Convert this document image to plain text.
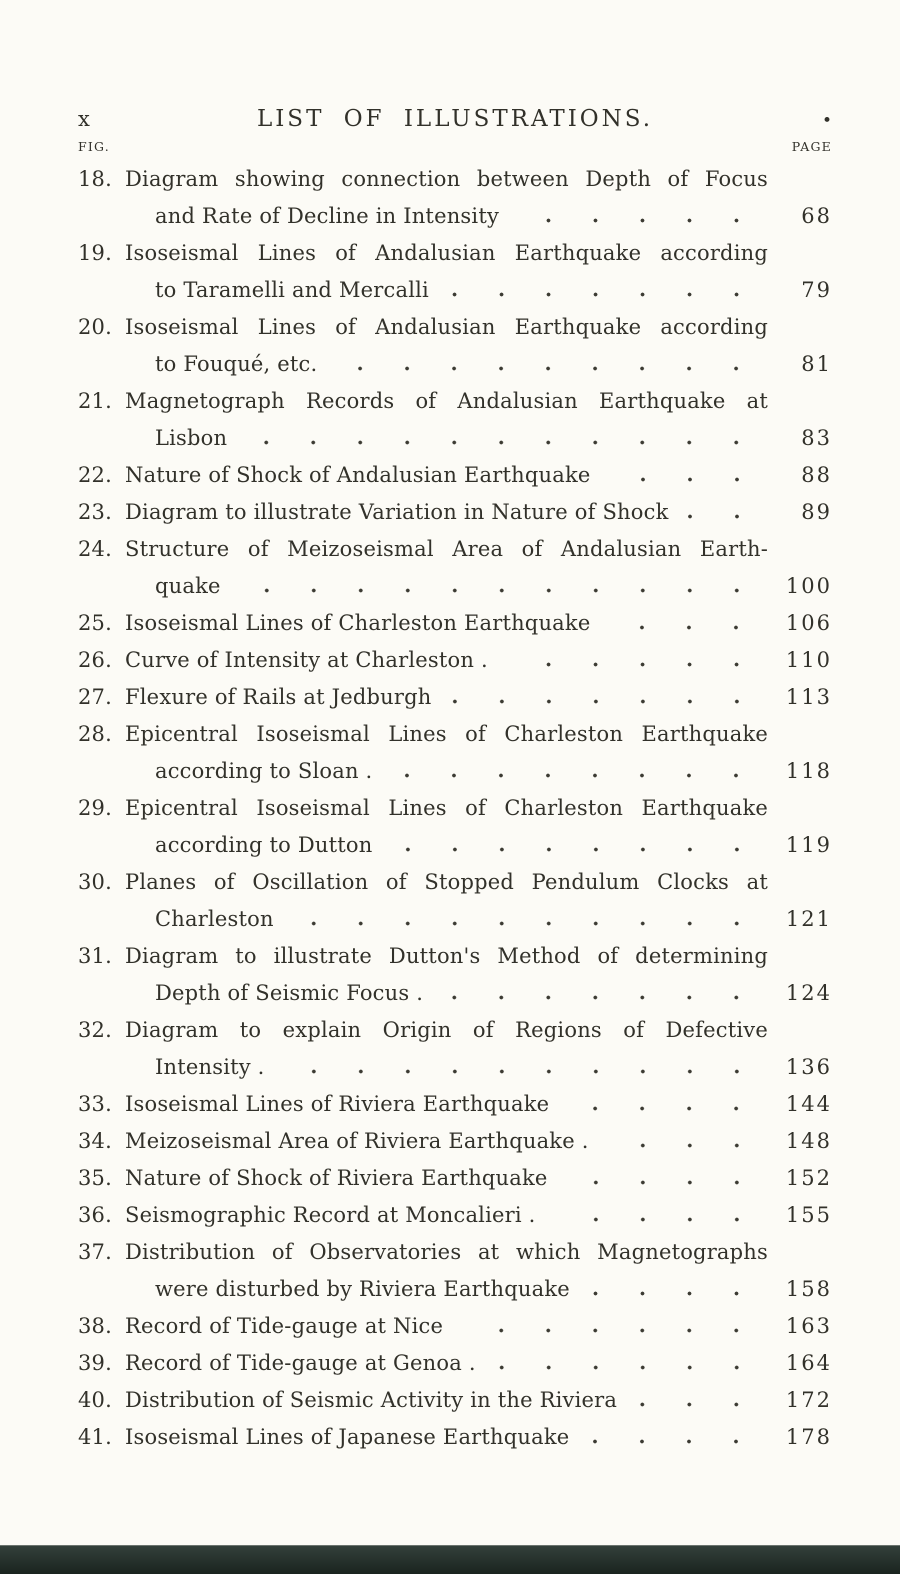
x	LIST OF ILLUSTRATIONS.	•
FIG.	PAGE
18. Diagram showing connection between Depth of Focus
and Rate of Decline in Intensity	68
19. Isoseismal Lines of Andalusian Earthquake according
to Taramelli and Mercalli	79
20. Isoseismal Lines of Andalusian Earthquake according
to Fouqué, etc.	81
21. Magnetograph Records of Andalusian Earthquake at
Lisbon	83
22. Nature of Shock of Andalusian Earthquake	88
23. Diagram to illustrate Variation in Nature of Shock	89
24. Structure of Meizoseismal Area of Andalusian Earth-
quake	100
25. Isoseismal Lines of Charleston Earthquake	106
26. Curve of Intensity at Charleston .	110
27. Flexure of Rails at Jedburgh	113
28. Epicentral Isoseismal Lines of Charleston Earthquake
according to Sloan .	118
29. Epicentral Isoseismal Lines of Charleston Earthquake
according to Dutton	119
30. Planes of Oscillation of Stopped Pendulum Clocks at
Charleston	121
31. Diagram to illustrate Dutton's Method of determining
Depth of Seismic Focus .	124
32. Diagram to explain Origin of Regions of Defective
Intensity .	136
33. Isoseismal Lines of Riviera Earthquake	144
34. Meizoseismal Area of Riviera Earthquake .	148
35. Nature of Shock of Riviera Earthquake	152
36. Seismographic Record at Moncalieri .	155
37. Distribution of Observatories at which Magnetographs
were disturbed by Riviera Earthquake	158
38. Record of Tide-gauge at Nice	163
39. Record of Tide-gauge at Genoa .	164
40. Distribution of Seismic Activity in the Riviera	172
41. Isoseismal Lines of Japanese Earthquake	178
